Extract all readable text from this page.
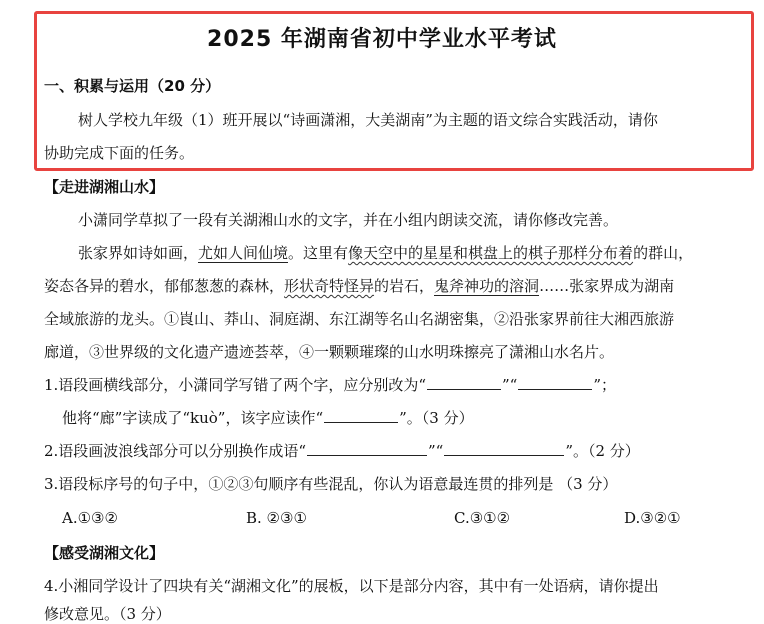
2025 年湖南省初中学业水平考试
一、积累与运用（20 分）
树人学校九年级（1）班开展以“诗画潇湘，大美湖南”为主题的语文综合实践活动，请你
协助完成下面的任务。
【走进湖湘山水】
小潇同学草拟了一段有关湖湘山水的文字，并在小组内朗读交流，请你修改完善。
张家界如诗如画，尤如人间仙境。这里有像天空中的星星和棋盘上的棋子那样分布着的群山，
姿态各异的碧水，郁郁葱葱的森林，形状奇特怪异的岩石，鬼斧神功的溶洞……张家界成为湖南
全域旅游的龙头。①崀山、莽山、洞庭湖、东江湖等名山名湖密集，②沿张家界前往大湘西旅游
廊道，③世界级的文化遗产遗迹荟萃，④一颗颗璀璨的山水明珠擦亮了潇湘山水名片。
1.语段画横线部分，小潇同学写错了两个字，应分别改为“	”“	”；
他将“廊”字读成了“kuò”，该字应读作“	”。（3 分）
2.语段画波浪线部分可以分别换作成语“	”“	”。（2 分）
3.语段标序号的句子中，①②③句顺序有些混乱，你认为语意最连贯的排列是 （3 分）
A.①③②	B. ②③①	C.③①②	D.③②①
【感受湖湘文化】
4.小湘同学设计了四块有关“湖湘文化”的展板，以下是部分内容，其中有一处语病，请你提出
修改意见。（3 分）
